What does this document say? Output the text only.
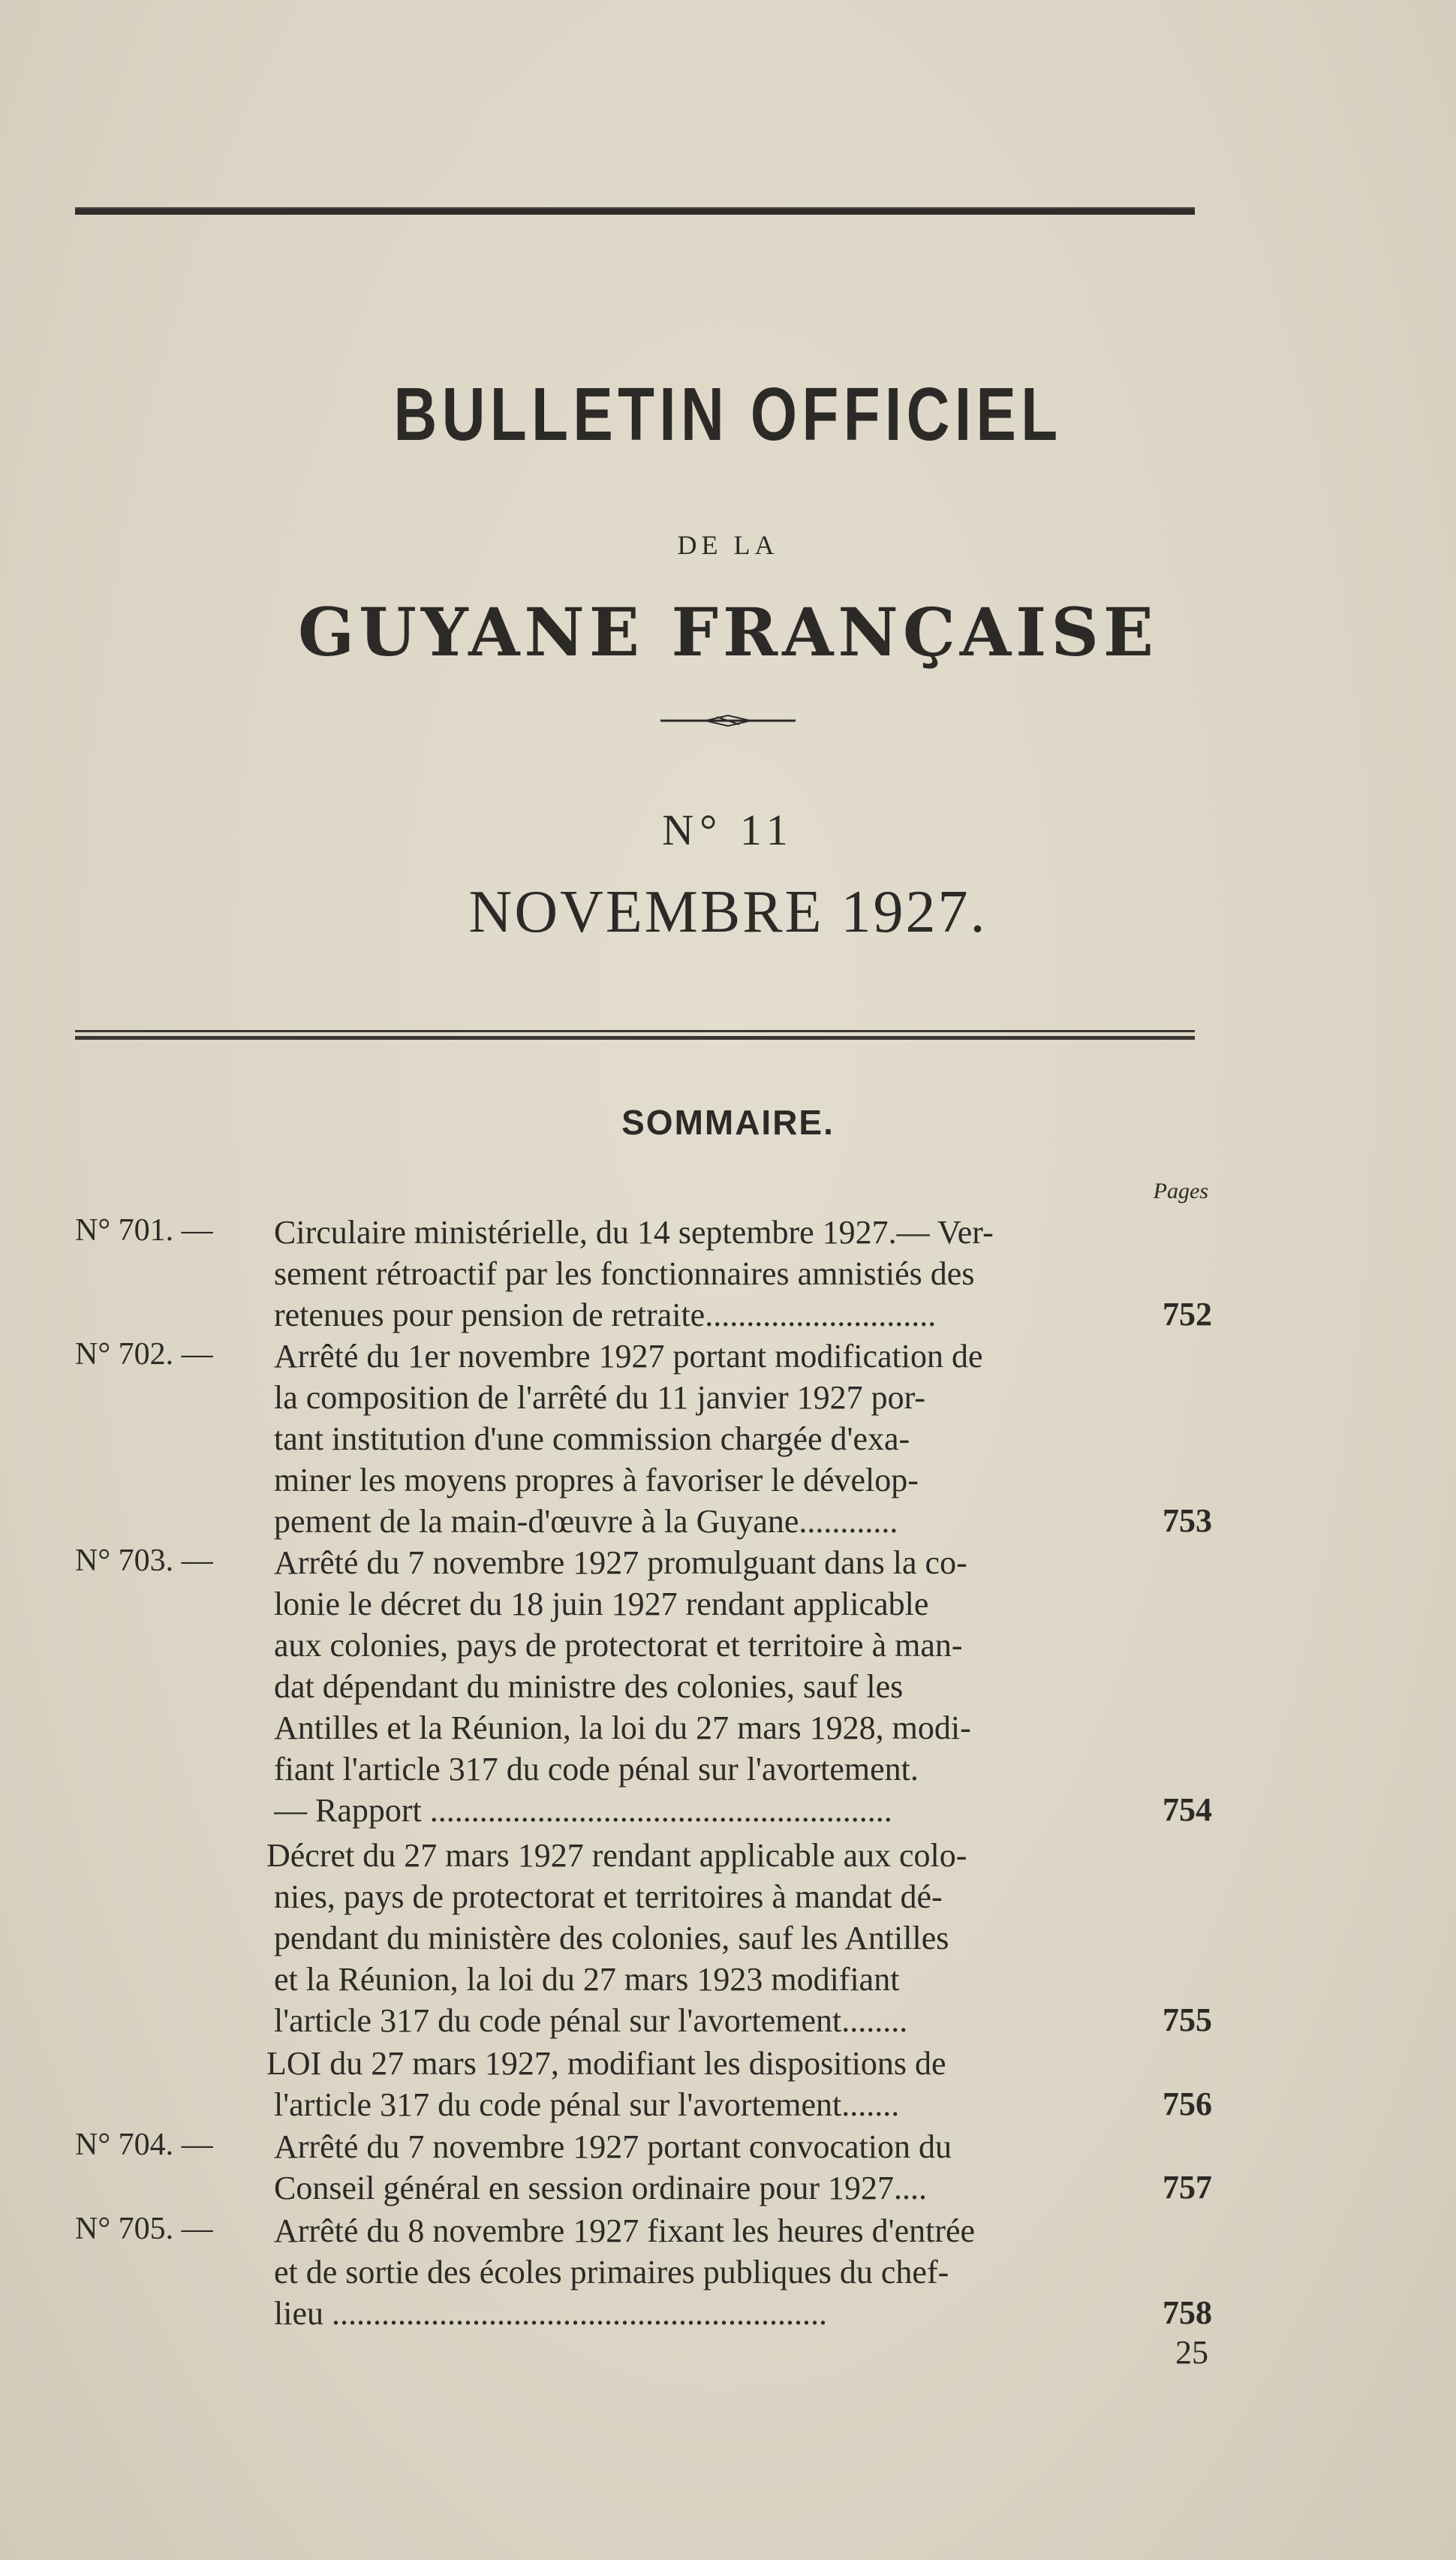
BULLETIN OFFICIEL
DE LA
GUYANE FRANÇAISE
N° 11
NOVEMBRE 1927.
SOMMAIRE.
Pages
N° 701. —	Circulaire ministérielle, du 14 septembre 1927.— Ver-
sement rétroactif par les fonctionnaires amnistiés des
retenues pour pension de retraite............................	752
N° 702. —	Arrêté du 1er novembre 1927 portant modification de
la composition de l'arrêté du 11 janvier 1927 por-
tant institution d'une commission chargée d'exa-
miner les moyens propres à favoriser le dévelop-
pement de la main-d'œuvre à la Guyane............	753
N° 703. —	Arrêté du 7 novembre 1927 promulguant dans la co-
lonie le décret du 18 juin 1927 rendant applicable
aux colonies, pays de protectorat et territoire à man-
dat dépendant du ministre des colonies, sauf les
Antilles et la Réunion, la loi du 27 mars 1928, modi-
fiant l'article 317 du code pénal sur l'avortement.
— Rapport ........................................................	754
Décret du 27 mars 1927 rendant applicable aux colo-
nies, pays de protectorat et territoires à mandat dé-
pendant du ministère des colonies, sauf les Antilles
et la Réunion, la loi du 27 mars 1923 modifiant
l'article 317 du code pénal sur l'avortement........	755
LOI du 27 mars 1927, modifiant les dispositions de
l'article 317 du code pénal sur l'avortement.......	756
N° 704. —	Arrêté du 7 novembre 1927 portant convocation du
Conseil général en session ordinaire pour 1927....	757
N° 705. —	Arrêté du 8 novembre 1927 fixant les heures d'entrée
et de sortie des écoles primaires publiques du chef-
lieu ............................................................	758
25
